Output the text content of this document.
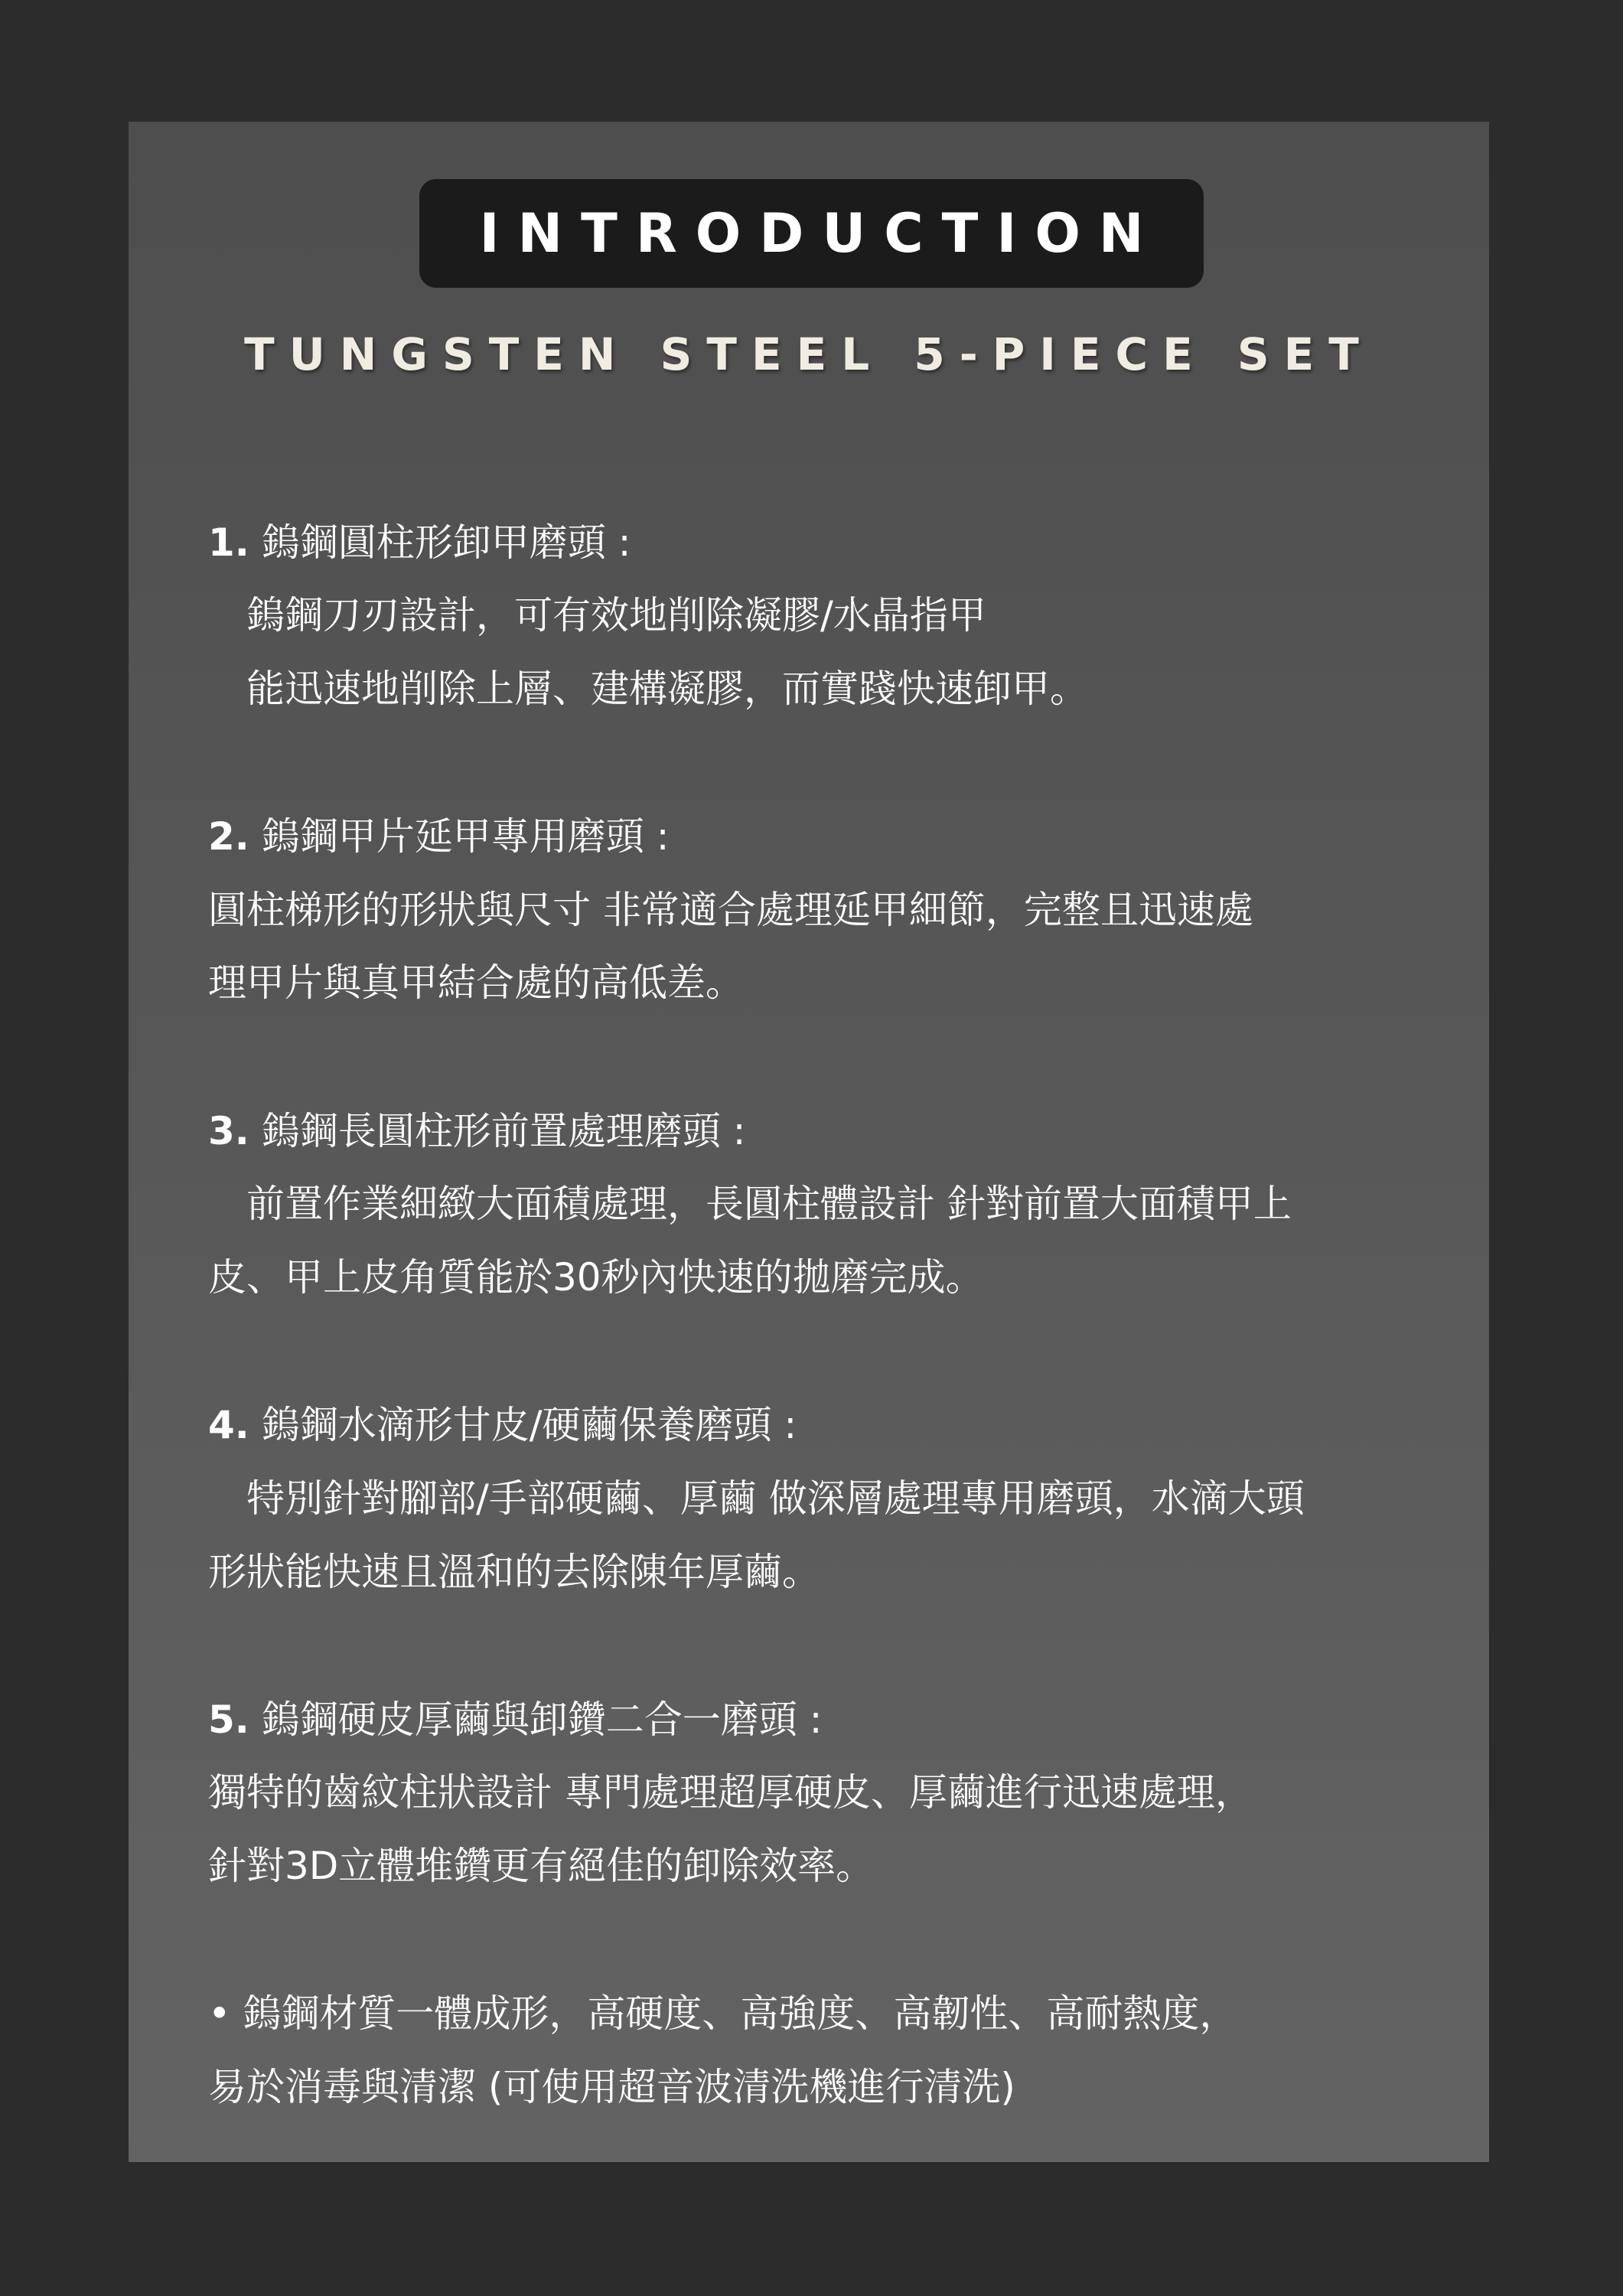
INTRODUCTION
TUNGSTEN STEEL 5-PIECE SET
1. 鎢鋼圓柱形卸甲磨頭 :
　鎢鋼刀刃設計，可有效地削除凝膠/水晶指甲
　能迅速地削除上層、建構凝膠，而實踐快速卸甲。
2. 鎢鋼甲片延甲專用磨頭 :
圓柱梯形的形狀與尺寸 非常適合處理延甲細節，完整且迅速處
理甲片與真甲結合處的高低差。
3. 鎢鋼長圓柱形前置處理磨頭 :
　前置作業細緻大面積處理，長圓柱體設計 針對前置大面積甲上
皮、甲上皮角質能於30秒內快速的拋磨完成。
4. 鎢鋼水滴形甘皮/硬繭保養磨頭 :
　特別針對腳部/手部硬繭、厚繭 做深層處理專用磨頭，水滴大頭
形狀能快速且溫和的去除陳年厚繭。
5. 鎢鋼硬皮厚繭與卸鑽二合一磨頭 :
獨特的齒紋柱狀設計 專門處理超厚硬皮、厚繭進行迅速處理，
針對3D立體堆鑽更有絕佳的卸除效率。
• 鎢鋼材質一體成形，高硬度、高強度、高韌性、高耐熱度，
易於消毒與清潔 (可使用超音波清洗機進行清洗)
